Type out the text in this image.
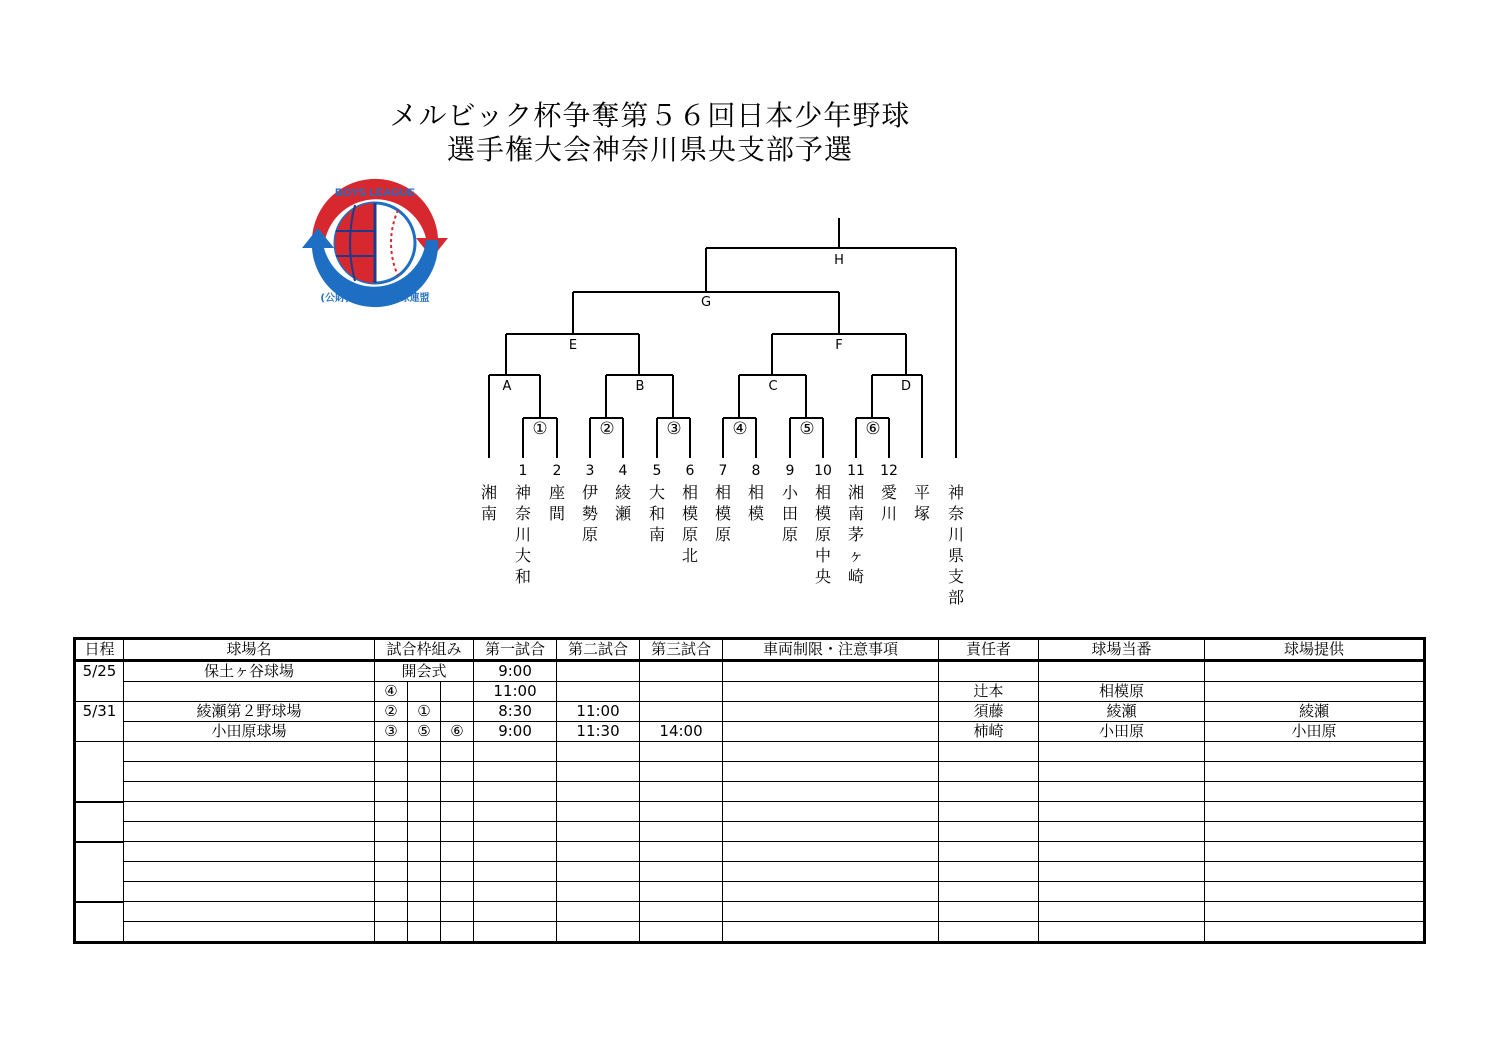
メルビック杯争奪第５６回日本少年野球
選手権大会神奈川県央支部予選
BOYS LEAGUE
(公財)日本少年野球連盟
H
G
E	F
A	B	C	D
①	②	③	④	⑤	⑥
1 2 3 4 5 6 7 8 9 10 11 12
湘
南
神
奈
川
大
和
座
間
伊
勢
原
綾
瀬
大
和
南
相
模
原
北
相
模
原
相
模
小
田
原
相
模
原
中
央
湘
南
茅
ヶ
崎
愛
川
平
塚
神
奈
川
県
支
部
日程	球場名	試合枠組み			第一試合	第二試合	第三試合	車両制限・注意事項	責任者	球場当番	球場提供
5/25	保土ヶ谷球場	開会式			9:00						
		④			11:00				辻本	相模原	
5/31	綾瀬第２野球場	②	①		8:30	11:00			須藤	綾瀬	綾瀬
	小田原球場	③	⑤	⑥	9:00	11:30	14:00		柿崎	小田原	小田原
